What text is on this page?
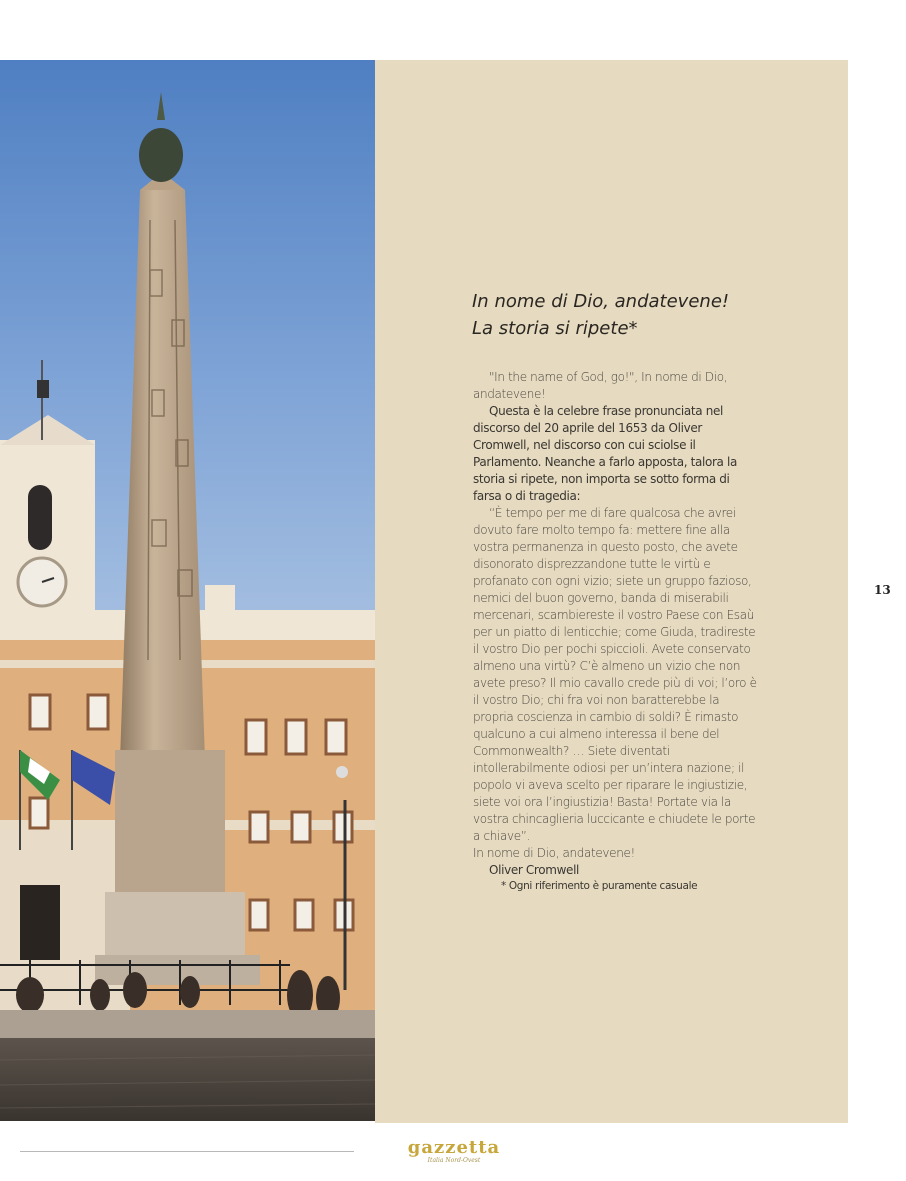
In nome di Dio, andatevene!
La storia si ripete*

"In the name of God, go!", In nome di Dio, andatevene!

Questa è la celebre frase pronunciata nel discorso del 20 aprile del 1653 da Oliver Cromwell, nel discorso con cui sciolse il Parlamento. Neanche a farlo apposta, talora la storia si ripete, non importa se sotto forma di farsa o di tragedia:

“È tempo per me di fare qualcosa che avrei dovuto fare molto tempo fa: mettere fine alla vostra permanenza in questo posto, che avete disonorato disprezzandone tutte le virtù e profanato con ogni vizio; siete un gruppo fazioso, nemici del buon governo, banda di miserabili mercenari, scambiereste il vostro Paese con Esaù per un piatto di lenticchie; come Giuda, tradireste il vostro Dio per pochi spiccioli. Avete conservato almeno una virtù? C’è almeno un vizio che non avete preso? Il mio cavallo crede più di voi; l’oro è il vostro Dio; chi fra voi non baratterebbe la propria coscienza in cambio di soldi? È rimasto qualcuno a cui almeno interessa il bene del Commonwealth? … Siete diventati intollerabilmente odiosi per un’intera nazione; il popolo vi aveva scelto per riparare le ingiustizie, siete voi ora l’ingiustizia! Basta! Portate via la vostra chincaglieria luccicante e chiudete le porte a chiave”.

In nome di Dio, andatevene!

Oliver Cromwell

* Ogni riferimento è puramente casuale

13
gazzetta
Italia Nord-Ovest
